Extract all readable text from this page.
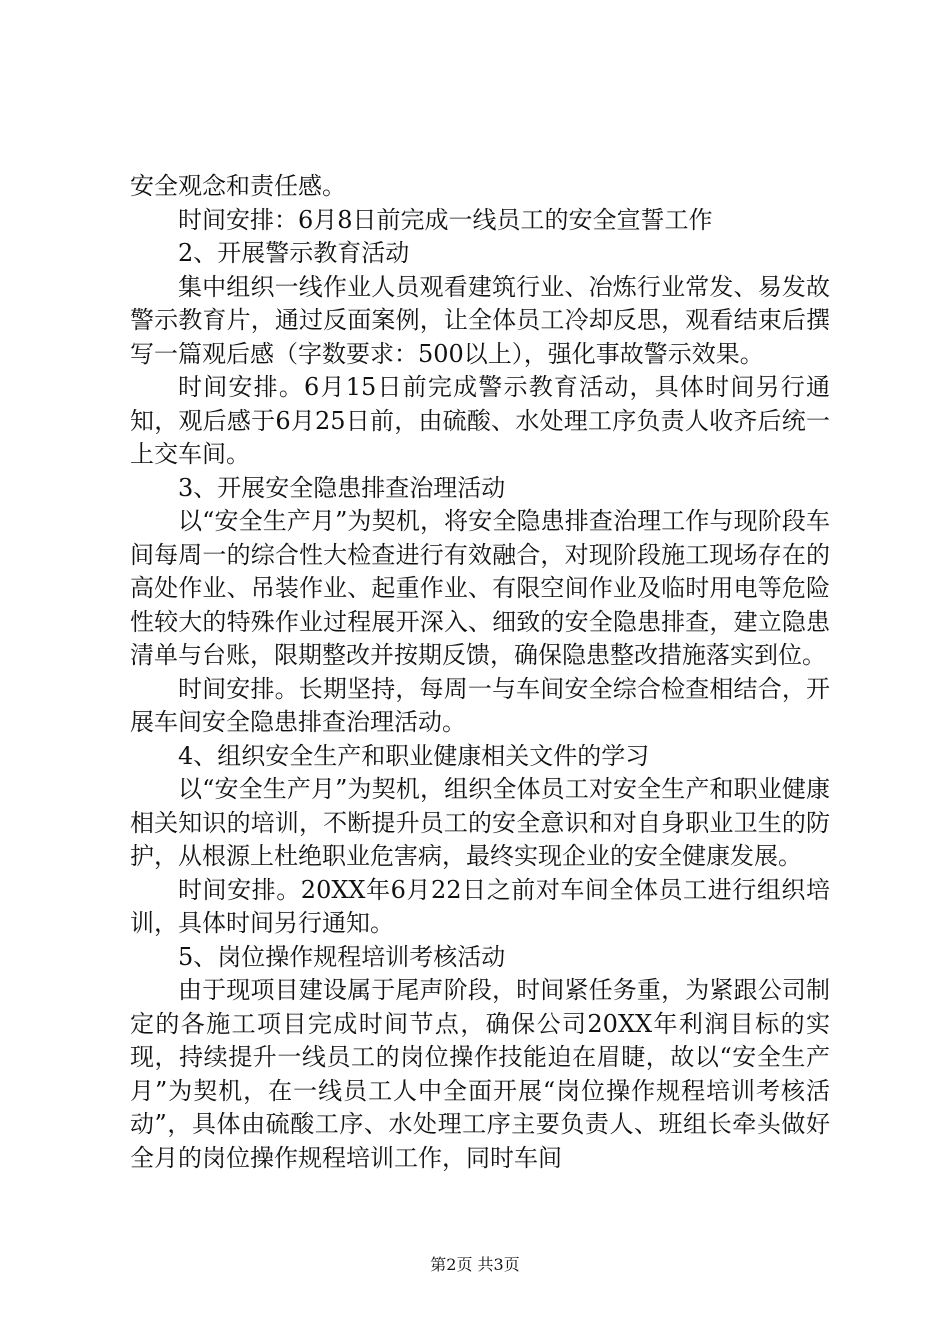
安全观念和责任感。

时间安排：6月8日前完成一线员工的安全宣誓工作

2、开展警示教育活动

集中组织一线作业人员观看建筑行业、冶炼行业常发、易发故警示教育片，通过反面案例，让全体员工冷却反思，观看结束后撰写一篇观后感（字数要求：500以上），强化事故警示效果。

时间安排。6月15日前完成警示教育活动，具体时间另行通知，观后感于6月25日前，由硫酸、水处理工序负责人收齐后统一上交车间。

3、开展安全隐患排查治理活动

以“安全生产月”为契机，将安全隐患排查治理工作与现阶段车间每周一的综合性大检查进行有效融合，对现阶段施工现场存在的高处作业、吊装作业、起重作业、有限空间作业及临时用电等危险性较大的特殊作业过程展开深入、细致的安全隐患排查，建立隐患清单与台账，限期整改并按期反馈，确保隐患整改措施落实到位。

时间安排。长期坚持，每周一与车间安全综合检查相结合，开展车间安全隐患排查治理活动。

4、组织安全生产和职业健康相关文件的学习

以“安全生产月”为契机，组织全体员工对安全生产和职业健康相关知识的培训，不断提升员工的安全意识和对自身职业卫生的防护，从根源上杜绝职业危害病，最终实现企业的安全健康发展。

时间安排。20XX年6月22日之前对车间全体员工进行组织培训，具体时间另行通知。

5、岗位操作规程培训考核活动

由于现项目建设属于尾声阶段，时间紧任务重，为紧跟公司制定的各施工项目完成时间节点，确保公司20XX年利润目标的实现，持续提升一线员工的岗位操作技能迫在眉睫，故以“安全生产月”为契机，在一线员工人中全面开展“岗位操作规程培训考核活动”，具体由硫酸工序、水处理工序主要负责人、班组长牵头做好全月的岗位操作规程培训工作，同时车间

第2页 共3页
